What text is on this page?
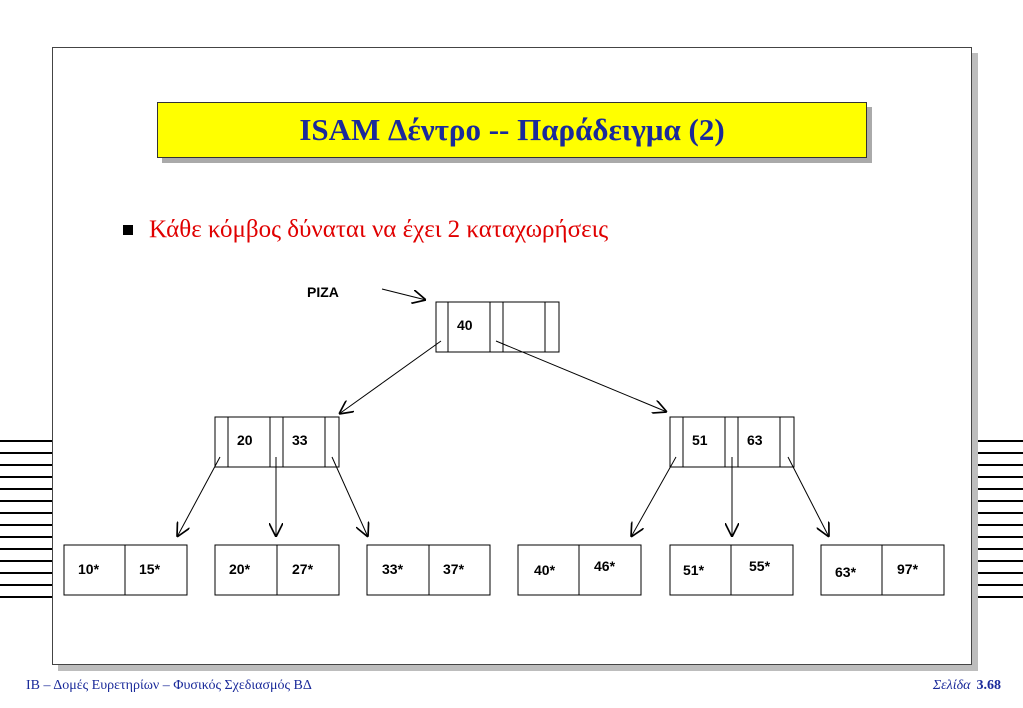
ISAM Δέντρο -- Παράδειγμα (2)
Κάθε κόμβος δύναται να έχει 2 καταχωρήσεις
ΡΙΖΑ
40
20	33	51	63
10*	15*	20*	27*	33*	37*	40*	46*	51*	55*	63*	97*
ΙΒ – Δομές Ευρετηρίων – Φυσικός Σχεδιασμός ΒΔ	Σελίδα 3.68
